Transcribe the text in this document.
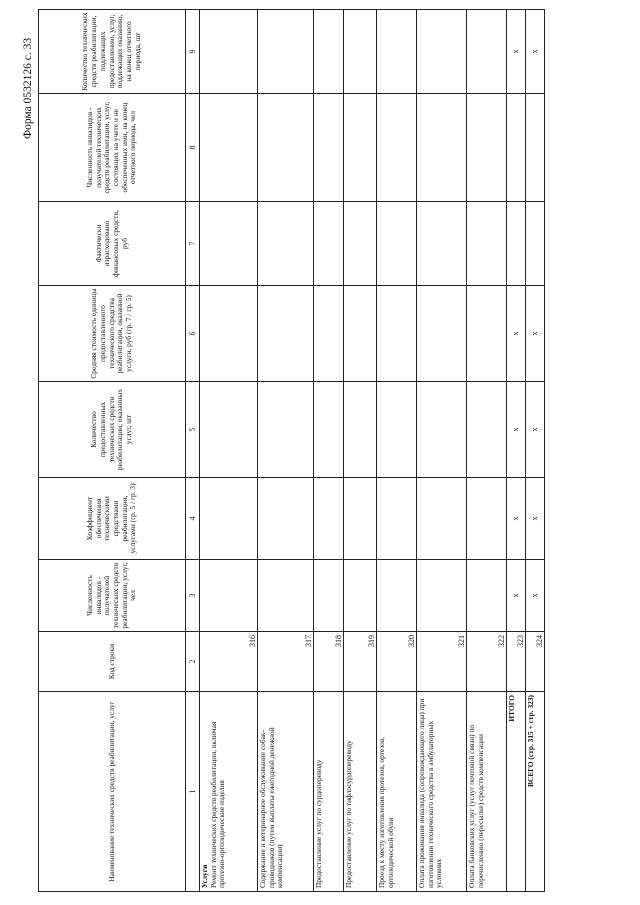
Форма 0532126 с. 33
Наименование технических средств реабилитации, услуг	Код строки	Численность инвалидов - получателей технических средств реабилитации, услуг, чел	Коэффициент обеспечения техническими средствами реабилитации, услугами (гр. 5 / гр. 3)	Количество предоставленных технических средств реабилитации, оказанных услуг, шт	Средняя стоимость единицы предоставленного технического средства реабилитации, оказанной услуги, руб (гр. 7 / гр. 5)	Фактически израсходовано финансовых средств, руб	Численность инвалидов - получателей технических средств реабилитации, услуг, состоящих на учете и не обеспеченных ими, на конец отчетного периода, чел	Количество технических средств реабилитации, подлежащих предоставлению, услуг, подлежащих оказанию, на конец отчетного периода, шт
1	2	3	4	5	6	7	8	9

Услуги Ремонт технических средств реабилитации, включая протезно-ортопедические изделия	316							
Содержание и ветеринарное обслуживание собак-проводников (путем выплаты ежегодной денежной компенсации)	317							
Предоставление услуг по сурдопереводу	318							
Предоставление услуг по тифлосурдопереводу	319							
Проезд к месту изготовления протезов, ортезов, ортопедической обуви	320							
Оплата проживания инвалида (сопровождающего лица) при изготовлении технического средства в амбулаторных условиях	321							
Оплата банковских услуг (услуг почтовой связи) по перечислению (пересылке) средств компенсации	322							
ИТОГО	323	х	х	х	х			х
ВСЕГО (стр. 315 + стр. 323)	324	х	х	х	х			х
